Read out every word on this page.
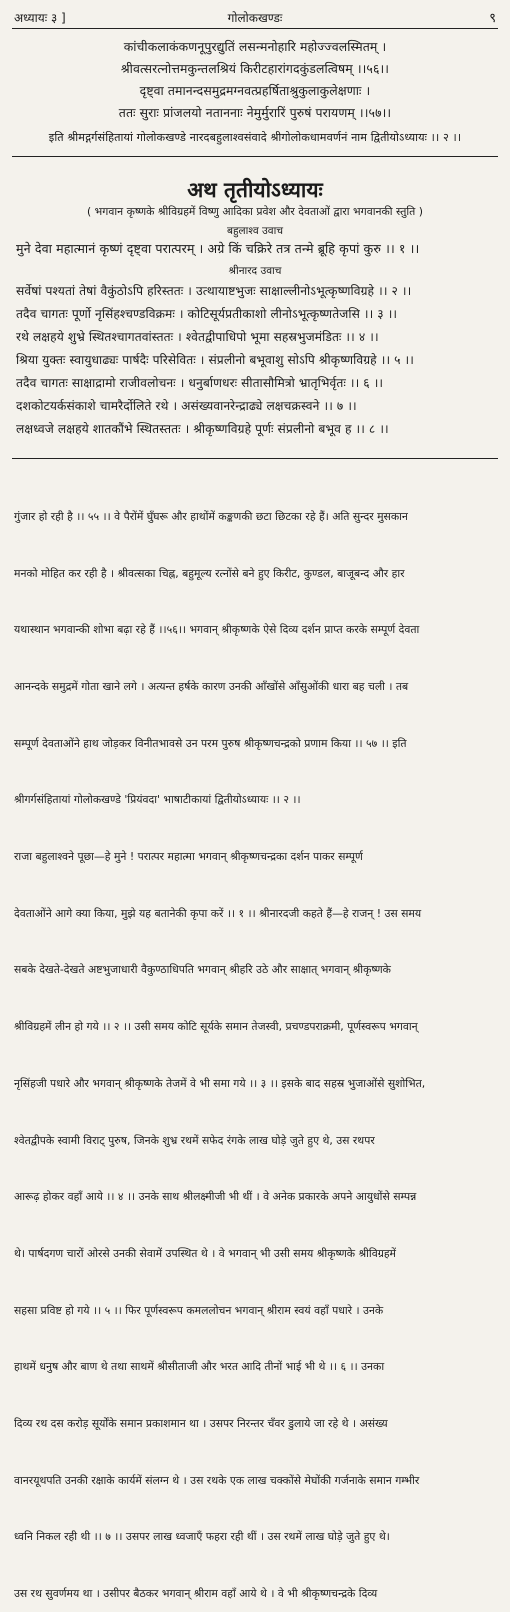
अध्यायः ३ ]	गोलोकखण्डः	९
कांचीकलाकंकणनूपुरद्युतिं लसन्मनोहारि महोज्ज्वलस्मितम् ।
श्रीवत्सरत्नोत्तमकुन्तलश्रियं किरीटहारांगदकुंडलत्विषम् ।।५६।।
दृष्ट्वा तमानन्दसमुद्रमग्नवत्प्रहर्षिताश्रुकुलाकुलेक्षणाः ।
ततः सुराः प्रांजलयो नताननाः नेमुर्मुरारिं पुरुषं परायणम् ।।५७।।
इति श्रीमद्गर्गसंहितायां गोलोकखण्डे नारदबहुलाश्वसंवादे श्रीगोलोकधामवर्णनं नाम द्वितीयोऽध्यायः ।। २ ।।
अथ तृतीयोऽध्यायः
( भगवान कृष्णके श्रीविग्रहमें विष्णु आदिका प्रवेश और देवताओं द्वारा भगवानकी स्तुति )
बहुलाश्व उवाच
मुने देवा महात्मानं कृष्णं दृष्ट्वा परात्परम् । अग्रे किं चक्रिरे तत्र तन्मे ब्रूहि कृपां कुरु ।। १ ।।
श्रीनारद उवाच
सर्वेषां पश्यतां तेषां वैकुंठोऽपि हरिस्ततः । उत्थायाष्टभुजः साक्षाल्लीनोऽभूत्कृष्णविग्रहे ।। २ ।।
तदैव चागतः पूर्णो नृसिंहश्चण्डविक्रमः । कोटिसूर्यप्रतीकाशो लीनोऽभूत्कृष्णतेजसि ।। ३ ।।
रथे लक्षहये शुभ्रे स्थितश्चागतवांस्ततः । श्वेतद्वीपाधिपो भूमा सहस्रभुजमंडितः ।। ४ ।।
श्रिया युक्तः स्वायुधाढ्यः पार्षदैः परिसेवितः । संप्रलीनो बभूवाशु सोऽपि श्रीकृष्णविग्रहे ।। ५ ।।
तदैव चागतः साक्षाद्रामो राजीवलोचनः । धनुर्बाणधरः सीतासौमित्रो भ्रातृभिर्वृतः ।। ६ ।।
दशकोटयर्कसंकाशे चामरैर्दोलिते रथे । असंख्यवानरेन्द्राढ्ये लक्षचक्रस्वने ।। ७ ।।
लक्षध्वजे लक्षहये शातकौंभे स्थितस्ततः । श्रीकृष्णविग्रहे पूर्णः संप्रलीनो बभूव ह ।। ८ ।।

गुंजार हो रही है ।। ५५ ।। वे पैरोंमें घुँघरू और हाथोंमें कङ्कणकी छटा छिटका रहे हैं। अति सुन्दर मुसकान

मनको मोहित कर रही है । श्रीवत्सका चिह्न, बहुमूल्य रत्नोंसे बने हुए किरीट, कुण्डल, बाजूबन्द और हार

यथास्थान भगवान्की शोभा बढ़ा रहे हैं ।।५६।। भगवान् श्रीकृष्णके ऐसे दिव्य दर्शन प्राप्त करके सम्पूर्ण देवता

आनन्दके समुद्रमें गोता खाने लगे । अत्यन्त हर्षके कारण उनकी आँखोंसे आँसुओंकी धारा बह चली । तब

सम्पूर्ण देवताओंने हाथ जोड़कर विनीतभावसे उन परम पुरुष श्रीकृष्णचन्द्रको प्रणाम किया ।। ५७ ।। इति

श्रीगर्गसंहितायां गोलोकखण्डे 'प्रियंवदा' भाषाटीकायां द्वितीयोऽध्यायः ।। २ ।।

राजा बहुलाश्वने पूछा—हे मुने ! परात्पर महात्मा भगवान् श्रीकृष्णचन्द्रका दर्शन पाकर सम्पूर्ण

देवताओंने आगे क्या किया, मुझे यह बतानेकी कृपा करें ।। १ ।। श्रीनारदजी कहते हैं—हे राजन् ! उस समय

सबके देखते-देखते अष्टभुजाधारी वैकुण्ठाधिपति भगवान् श्रीहरि उठे और साक्षात् भगवान् श्रीकृष्णके

श्रीविग्रहमें लीन हो गये ।। २ ।। उसी समय कोटि सूर्यके समान तेजस्वी, प्रचण्डपराक्रमी, पूर्णस्वरूप भगवान्

नृसिंहजी पधारे और भगवान् श्रीकृष्णके तेजमें वे भी समा गये ।। ३ ।। इसके बाद सहस्र भुजाओंसे सुशोभित,

श्वेतद्वीपके स्वामी विराट् पुरुष, जिनके शुभ्र रथमें सफेद रंगके लाख घोड़े जुते हुए थे, उस रथपर

आरूढ़ होकर वहाँ आये ।। ४ ।। उनके साथ श्रीलक्ष्मीजी भी थीं । वे अनेक प्रकारके अपने आयुधोंसे सम्पन्न

थे। पार्षदगण चारों ओरसे उनकी सेवामें उपस्थित थे । वे भगवान् भी उसी समय श्रीकृष्णके श्रीविग्रहमें

सहसा प्रविष्ट हो गये ।। ५ ।। फिर पूर्णस्वरूप कमललोचन भगवान् श्रीराम स्वयं वहाँ पधारे । उनके

हाथमें धनुष और बाण थे तथा साथमें श्रीसीताजी और भरत आदि तीनों भाई भी थे ।। ६ ।। उनका

दिव्य रथ दस करोड़ सूर्योंके समान प्रकाशमान था । उसपर निरन्तर चँवर डुलाये जा रहे थे । असंख्य

वानरयूथपति उनकी रक्षाके कार्यमें संलग्न थे । उस रथके एक लाख चक्कोंसे मेघोंकी गर्जनाके समान गम्भीर

ध्वनि निकल रही थी ।। ७ ।। उसपर लाख ध्वजाएँ फहरा रही थीं । उस रथमें लाख घोड़े जुते हुए थे।

उस रथ सुवर्णमय था । उसीपर बैठकर भगवान् श्रीराम वहाँ आये थे । वे भी श्रीकृष्णचन्द्रके दिव्य
